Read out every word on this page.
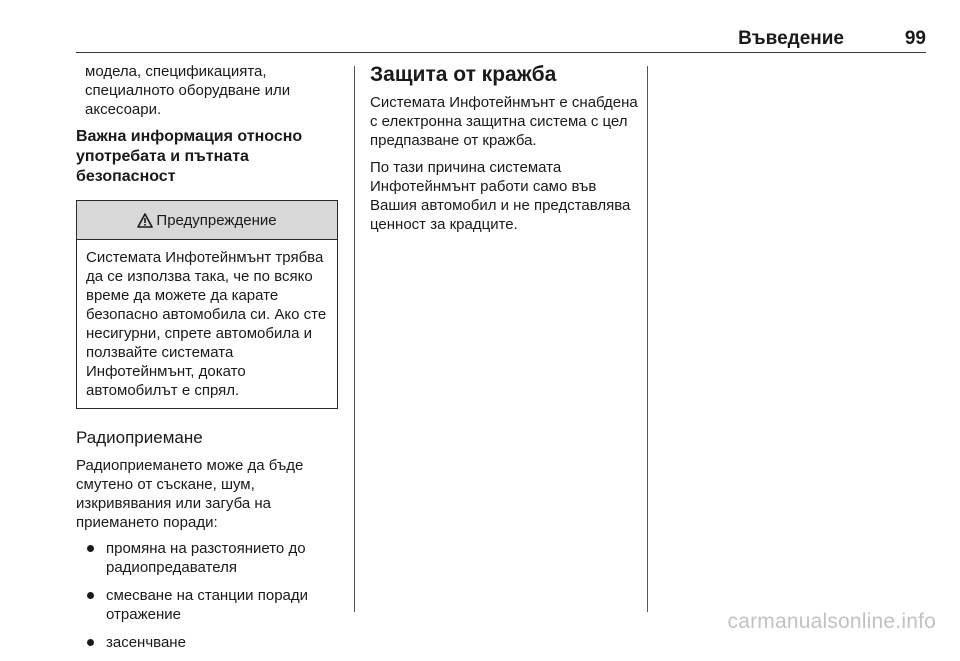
Въведение	99

моделa, спецификацията, специалното оборудване или аксесоари.

Важна информация относно употребата и пътната безопасност

Предупреждение
Системата Инфотейнмънт трябва да се използва така, че по всяко време да можете да карате безопасно автомобила си. Ако сте несигурни, спрете автомобила и ползвайте системата Инфотейнмънт, докато автомобилът е спрял.

Радиоприемане

Радиоприемането може да бъде смутено от съскане, шум, изкривявания или загуба на приемането поради:

промяна на разстоянието до радиопредавателя
смесване на станции поради отражение
засенчване

Защита от кражба

Системата Инфотейнмънт е снабдена с електронна защитна система с цел предпазване от кражба.

По тази причина системата Инфотейнмънт работи само във Вашия автомобил и не представлява ценност за крадците.

carmanualsonline.info
